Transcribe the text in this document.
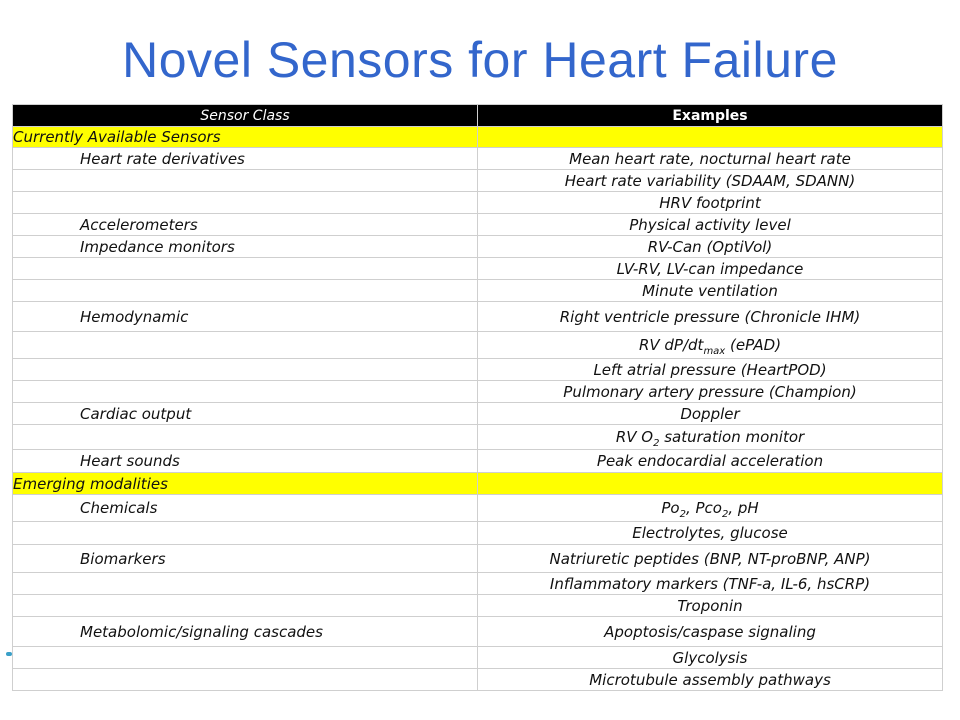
Novel Sensors for Heart Failure
Sensor Class	Examples
Currently Available Sensors	
Heart rate derivatives	Mean heart rate, nocturnal heart rate
	Heart rate variability (SDAAM, SDANN)
	HRV footprint
Accelerometers	Physical activity level
Impedance monitors	RV-Can (OptiVol)
	LV-RV, LV-can impedance
	Minute ventilation
Hemodynamic	Right ventricle pressure (Chronicle IHM)
	RV $dP/dt_{max}$ (ePAD)
	Left atrial pressure (HeartPOD)
	Pulmonary artery pressure (Champion)
Cardiac output	Doppler
	RV $O_2$ saturation monitor
Heart sounds	Peak endocardial acceleration
Emerging modalities	
Chemicals	$Po_2$, Pco$_2$, pH
	Electrolytes, glucose
Biomarkers	Natriuretic peptides (BNP, NT-proBNP, ANP)
	Inflammatory markers (TNF-a, IL-6, hsCRP)
	Troponin
Metabolomic/signaling cascades	Apoptosis/caspase signaling
	Glycolysis
	Microtubule assembly pathways
